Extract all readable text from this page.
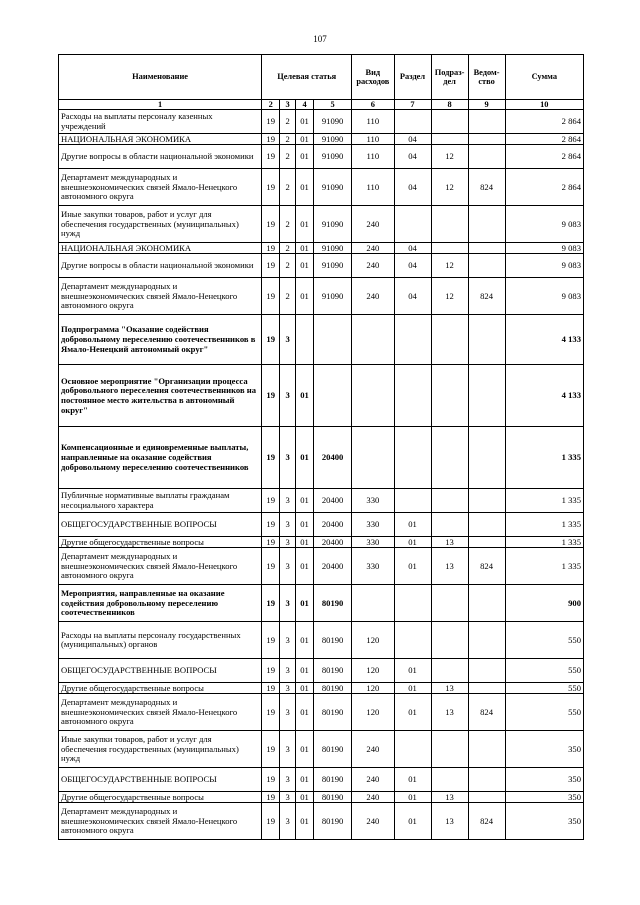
107
Наименование	Целевая статья				Вид расходов	Раздел	Подраз-дел	Ведом-ство	Сумма
1	2	3	4	5	6	7	8	9	10
Расходы на выплаты персоналу казенных учреждений	19	2	01	91090	110				2 864
НАЦИОНАЛЬНАЯ ЭКОНОМИКА	19	2	01	91090	110	04			2 864
Другие вопросы в области национальной экономики	19	2	01	91090	110	04	12		2 864
Департамент международных и внешнеэкономических связей Ямало-Ненецкого автономного округа	19	2	01	91090	110	04	12	824	2 864
Иные закупки товаров, работ и услуг для обеспечения государственных (муниципальных) нужд	19	2	01	91090	240				9 083
НАЦИОНАЛЬНАЯ ЭКОНОМИКА	19	2	01	91090	240	04			9 083
Другие вопросы в области национальной экономики	19	2	01	91090	240	04	12		9 083
Департамент международных и внешнеэкономических связей Ямало-Ненецкого автономного округа	19	2	01	91090	240	04	12	824	9 083
Подпрограмма "Оказание содействия добровольному переселению соотечественников в Ямало-Ненецкий автономный округ"	19	3							4 133
Основное мероприятие "Организации процесса добровольного переселения соотечественников на постоянное место жительства в автономный округ"	19	3	01						4 133
Компенсационные и единовременные выплаты, направленные на оказание содействия добровольному переселению соотечественников	19	3	01	20400					1 335
Публичные нормативные выплаты гражданам несоциального характера	19	3	01	20400	330				1 335
ОБЩЕГОСУДАРСТВЕННЫЕ ВОПРОСЫ	19	3	01	20400	330	01			1 335
Другие общегосударственные вопросы	19	3	01	20400	330	01	13		1 335
Департамент международных и внешнеэкономических связей Ямало-Ненецкого автономного округа	19	3	01	20400	330	01	13	824	1 335
Мероприятия, направленные на оказание содействия добровольному переселению соотечественников	19	3	01	80190					900
Расходы на выплаты персоналу государственных (муниципальных) органов	19	3	01	80190	120				550
ОБЩЕГОСУДАРСТВЕННЫЕ ВОПРОСЫ	19	3	01	80190	120	01			550
Другие общегосударственные вопросы	19	3	01	80190	120	01	13		550
Департамент международных и внешнеэкономических связей Ямало-Ненецкого автономного округа	19	3	01	80190	120	01	13	824	550
Иные закупки товаров, работ и услуг для обеспечения государственных (муниципальных) нужд	19	3	01	80190	240				350
ОБЩЕГОСУДАРСТВЕННЫЕ ВОПРОСЫ	19	3	01	80190	240	01			350
Другие общегосударственные вопросы	19	3	01	80190	240	01	13		350
Департамент международных и внешнеэкономических связей Ямало-Ненецкого автономного округа	19	3	01	80190	240	01	13	824	350
